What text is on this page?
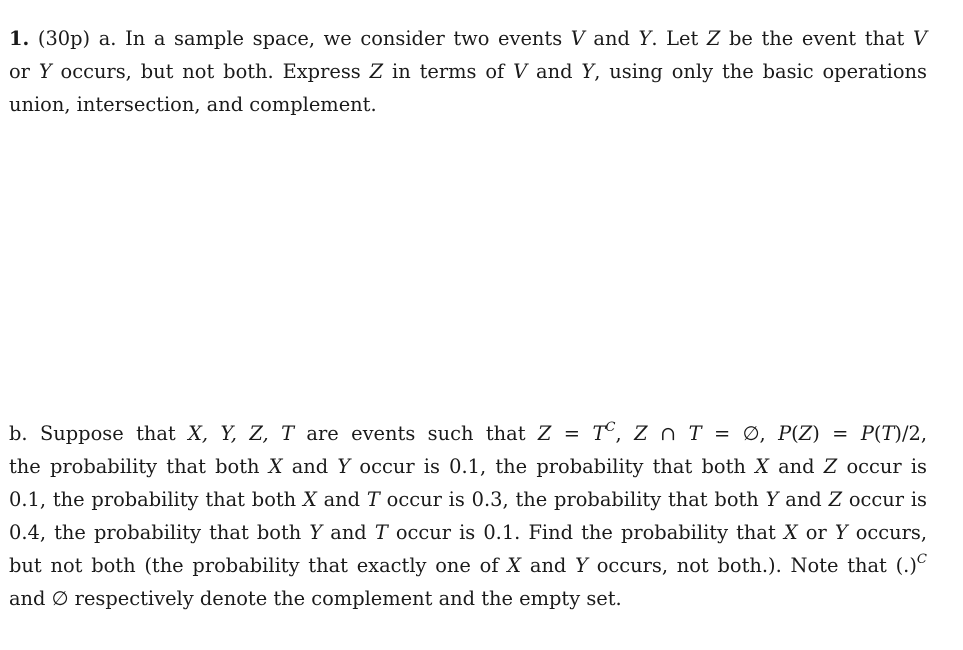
1. (30p) a. In a sample space, we consider two events V and Y. Let Z be the event that V
or Y occurs, but not both. Express Z in terms of V and Y, using only the basic operations
union, intersection, and complement.
b. Suppose that X, Y, Z, T are events such that $Z = T^C$, Z ∩ T = ∅, P(Z) = P(T)/2,
the probability that both X and Y occur is 0.1, the probability that both X and Z occur is
0.1, the probability that both X and T occur is 0.3, the probability that both Y and Z occur is
0.4, the probability that both Y and T occur is 0.1. Find the probability that X or Y occurs,
but not both (the probability that exactly one of X and Y occurs, not both.). Note that (.)$^C$
and ∅ respectively denote the complement and the empty set.
